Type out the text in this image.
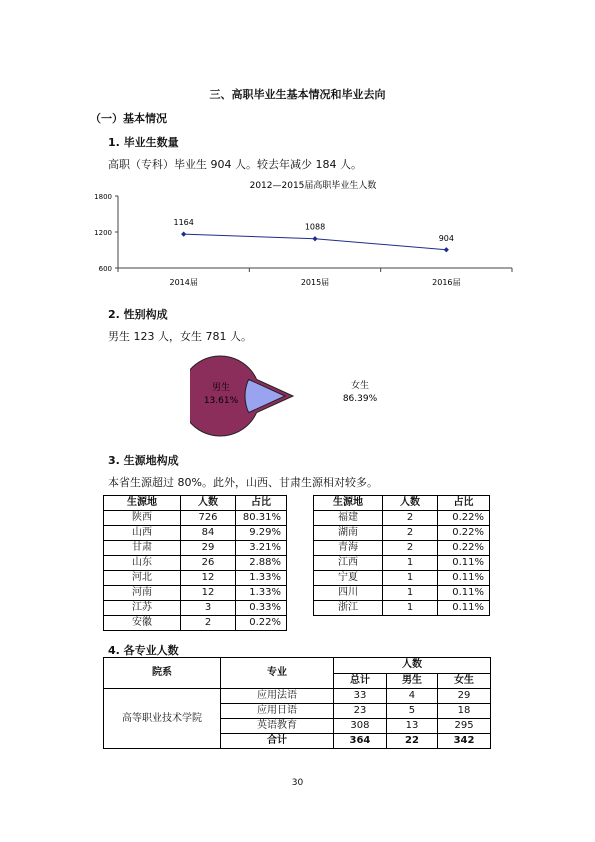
三、高职毕业生基本情况和毕业去向
（一）基本情况
1. 毕业生数量
高职（专科）毕业生 904 人。较去年减少 184 人。
2012—2015届高职毕业生人数
1800
1200
600
2014届	2015届	2016届
1164
1088
904
2. 性别构成
男生 123 人，女生 781 人。
男生
13.61%
女生
86.39%
3. 生源地构成
本省生源超过 80%。此外，山西、甘肃生源相对较多。
生源地	人数	占比
陕西	726	80.31%
山西	84	9.29%
甘肃	29	3.21%
山东	26	2.88%
河北	12	1.33%
河南	12	1.33%
江苏	3	0.33%
安徽	2	0.22%
生源地	人数	占比
福建	2	0.22%
湖南	2	0.22%
青海	2	0.22%
江西	1	0.11%
宁夏	1	0.11%
四川	1	0.11%
浙江	1	0.11%
4. 各专业人数
院系	专业	人数		
		总计	男生	女生
高等职业技术学院	应用法语	33	4	29
	应用日语	23	5	18
	英语教育	308	13	295
	合计	364	22	342
30
